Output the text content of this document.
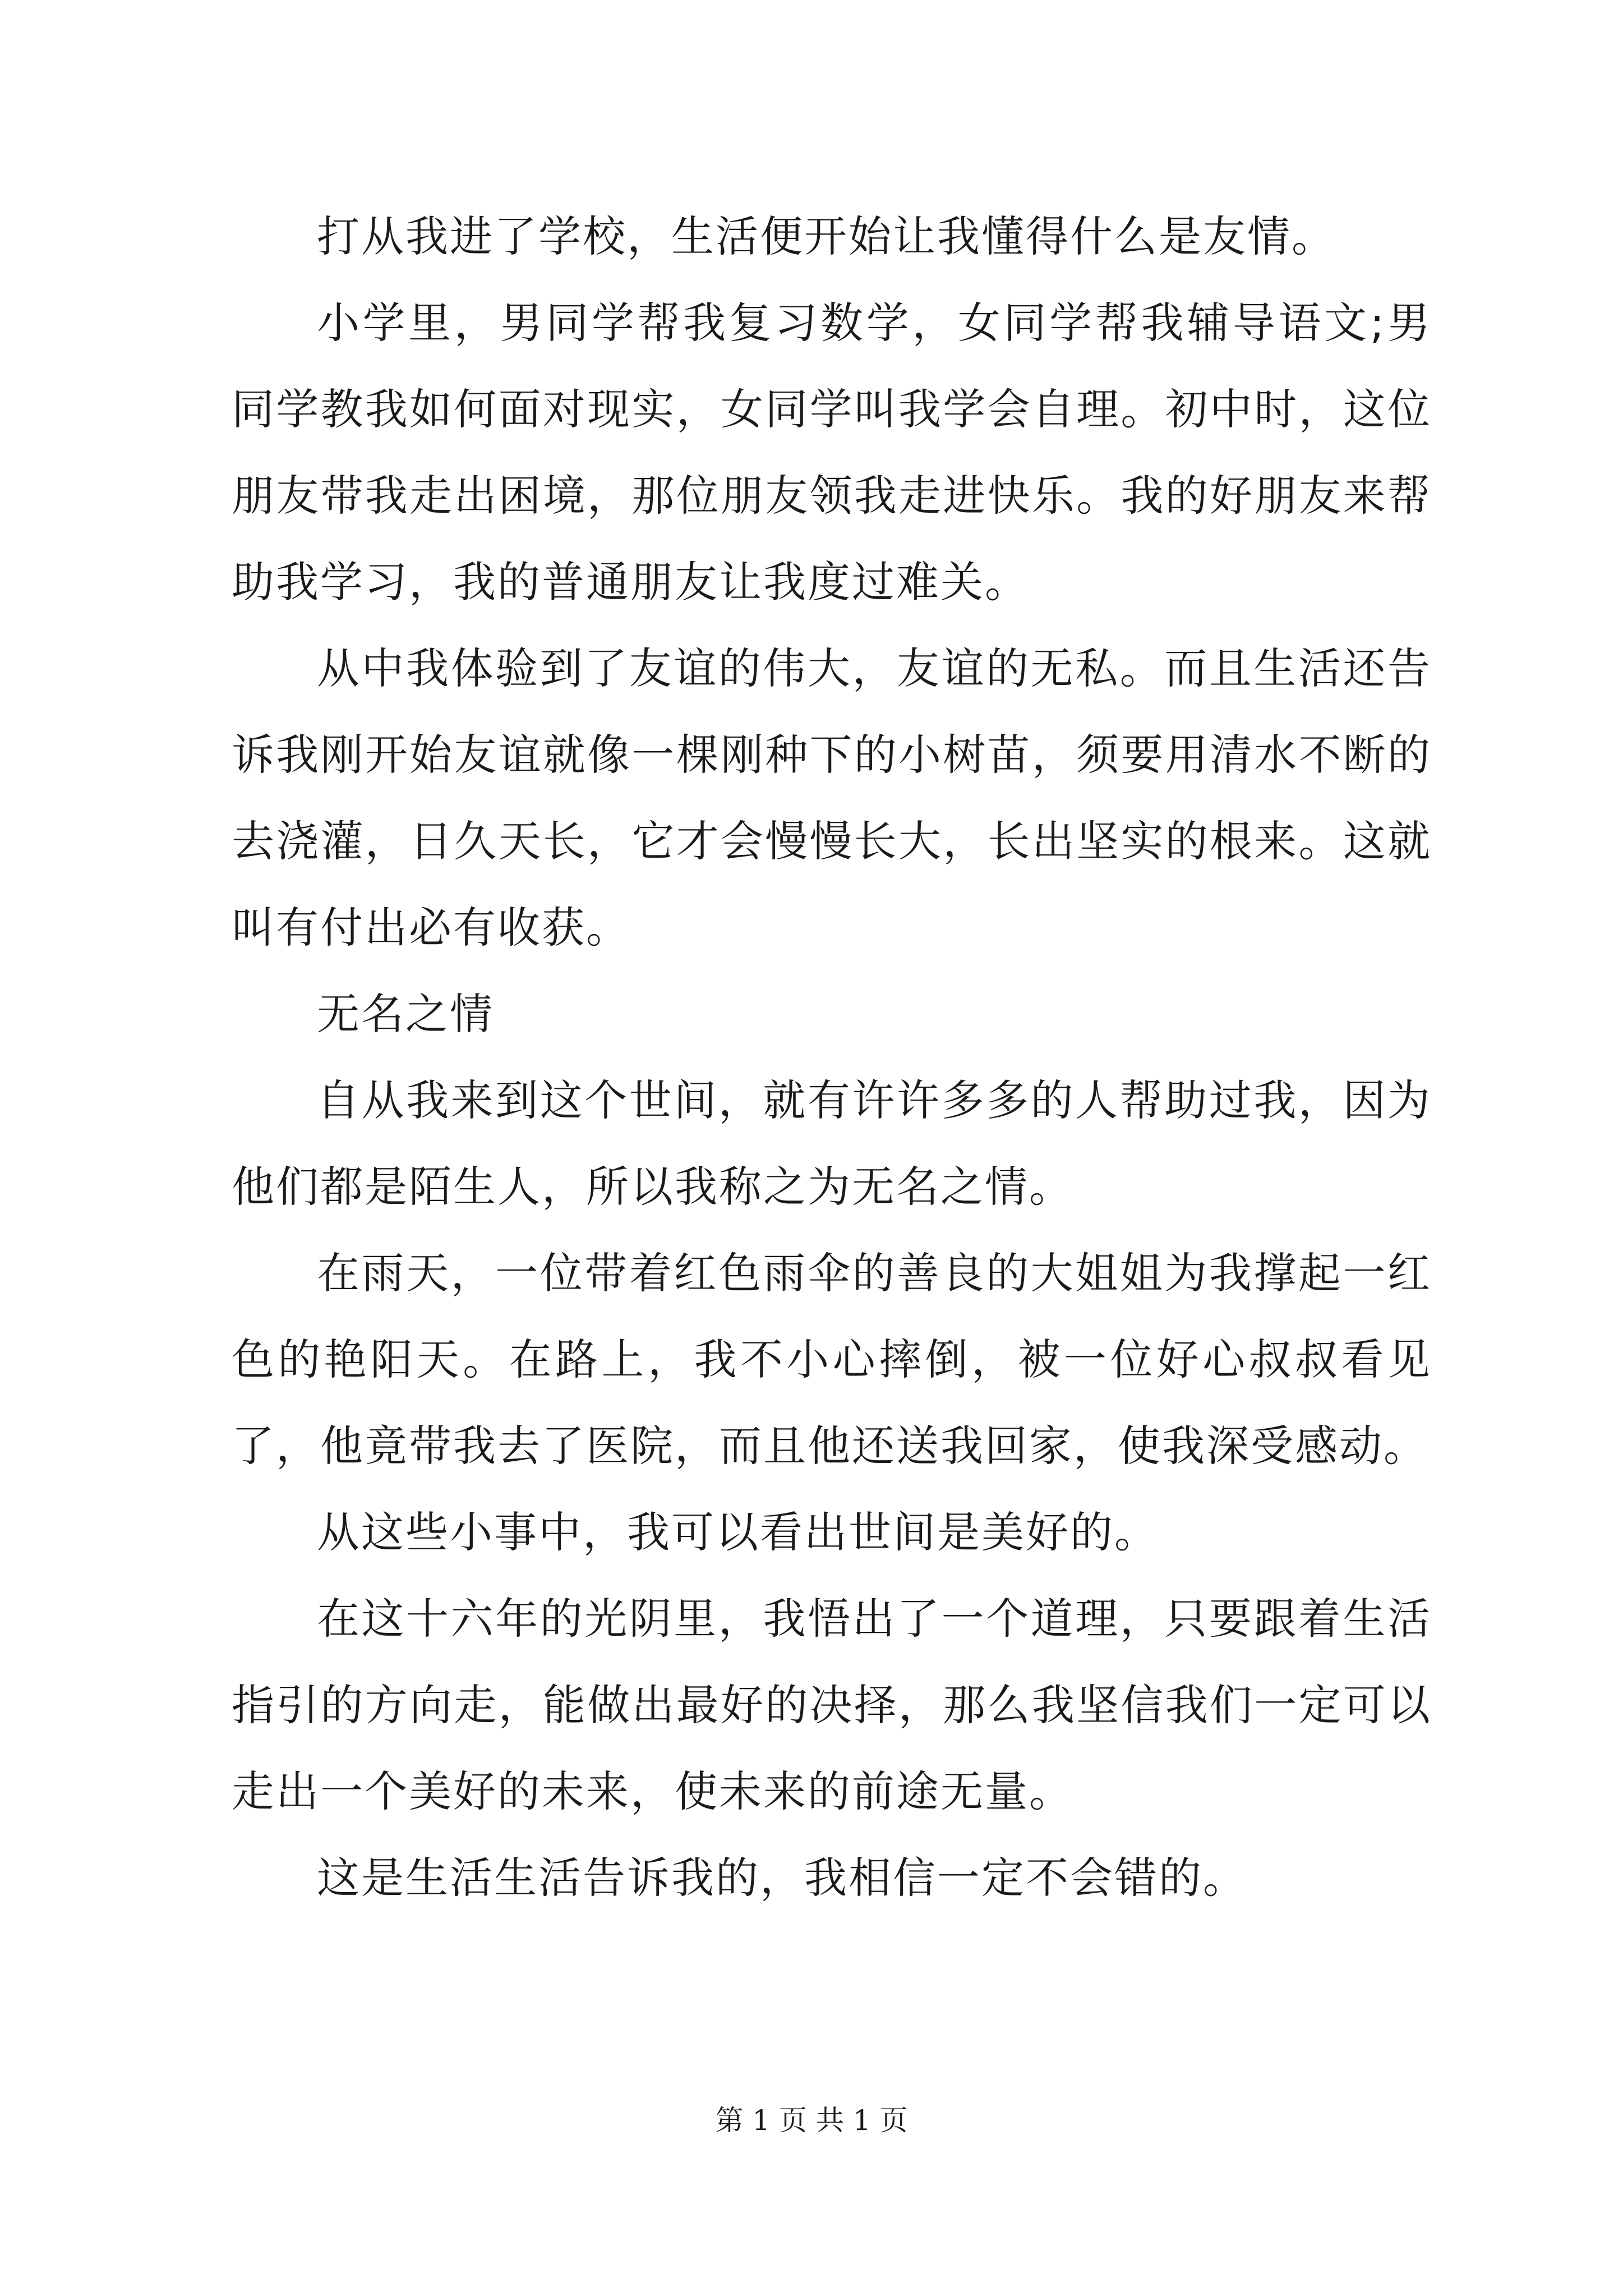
打从我进了学校，生活便开始让我懂得什么是友情。

小学里，男同学帮我复习数学，女同学帮我辅导语文;男同学教我如何面对现实，女同学叫我学会自理。初中时，这位朋友带我走出困境，那位朋友领我走进快乐。我的好朋友来帮助我学习，我的普通朋友让我度过难关。

从中我体验到了友谊的伟大，友谊的无私。而且生活还告诉我刚开始友谊就像一棵刚种下的小树苗，须要用清水不断的去浇灌，日久天长，它才会慢慢长大，长出坚实的根来。这就叫有付出必有收获。

无名之情

自从我来到这个世间，就有许许多多的人帮助过我，因为他们都是陌生人，所以我称之为无名之情。

在雨天，一位带着红色雨伞的善良的大姐姐为我撑起一红色的艳阳天。在路上，我不小心摔倒，被一位好心叔叔看见了，他竟带我去了医院，而且他还送我回家，使我深受感动。

从这些小事中，我可以看出世间是美好的。

在这十六年的光阴里，我悟出了一个道理，只要跟着生活指引的方向走，能做出最好的决择，那么我坚信我们一定可以走出一个美好的未来，使未来的前途无量。

这是生活生活告诉我的，我相信一定不会错的。

第 1 页 共 1 页
